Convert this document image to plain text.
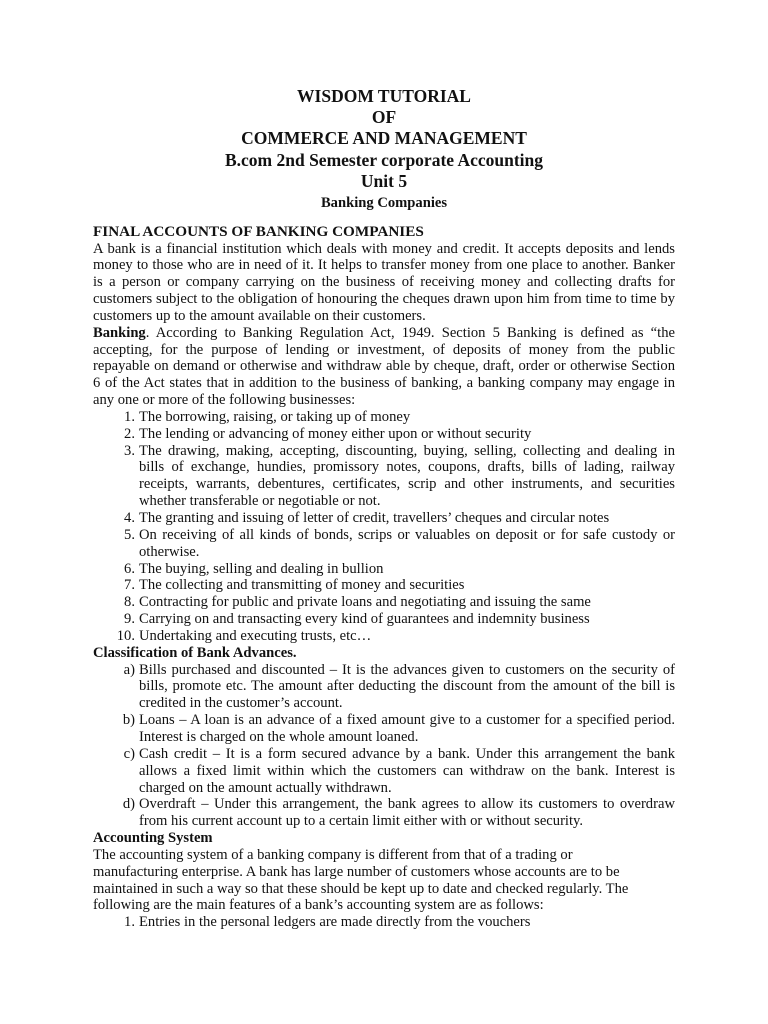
WISDOM TUTORIAL
OF
COMMERCE AND MANAGEMENT
B.com 2nd Semester corporate Accounting
Unit 5
Banking Companies
FINAL ACCOUNTS OF BANKING COMPANIES

A bank is a financial institution which deals with money and credit. It accepts deposits and lends money to those who are in need of it. It helps to transfer money from one place to another. Banker is a person or company carrying on the business of receiving money and collecting drafts for customers subject to the obligation of honouring the cheques drawn upon him from time to time by customers up to the amount available on their customers.

Banking. According to Banking Regulation Act, 1949. Section 5 Banking is defined as “the accepting, for the purpose of lending or investment, of deposits of money from the public repayable on demand or otherwise and withdraw able by cheque, draft, order or otherwise Section 6 of the Act states that in addition to the business of banking, a banking company may engage in any one or more of the following businesses:

1. The borrowing, raising, or taking up of money
2. The lending or advancing of money either upon or without security
3. The drawing, making, accepting, discounting, buying, selling, collecting and dealing in bills of exchange, hundies, promissory notes, coupons, drafts, bills of lading, railway receipts, warrants, debentures, certificates, scrip and other instruments, and securities whether transferable or negotiable or not.
4. The granting and issuing of letter of credit, travellers’ cheques and circular notes
5. On receiving of all kinds of bonds, scrips or valuables on deposit or for safe custody or otherwise.
6. The buying, selling and dealing in bullion
7. The collecting and transmitting of money and securities
8. Contracting for public and private loans and negotiating and issuing the same
9. Carrying on and transacting every kind of guarantees and indemnity business
10. Undertaking and executing trusts, etc…
Classification of Bank Advances.
a) Bills purchased and discounted – It is the advances given to customers on the security of bills, promote etc. The amount after deducting the discount from the amount of the bill is credited in the customer’s account.
b) Loans – A loan is an advance of a fixed amount give to a customer for a specified period. Interest is charged on the whole amount loaned.
c) Cash credit – It is a form secured advance by a bank. Under this arrangement the bank allows a fixed limit within which the customers can withdraw on the bank. Interest is charged on the amount actually withdrawn.
d) Overdraft – Under this arrangement, the bank agrees to allow its customers to overdraw from his current account up to a certain limit either with or without security.
Accounting System
The accounting system of a banking company is different from that of a trading or
manufacturing enterprise. A bank has large number of customers whose accounts are to be
maintained in such a way so that these should be kept up to date and checked regularly. The
following are the main features of a bank’s accounting system are as follows:
1. Entries in the personal ledgers are made directly from the vouchers
